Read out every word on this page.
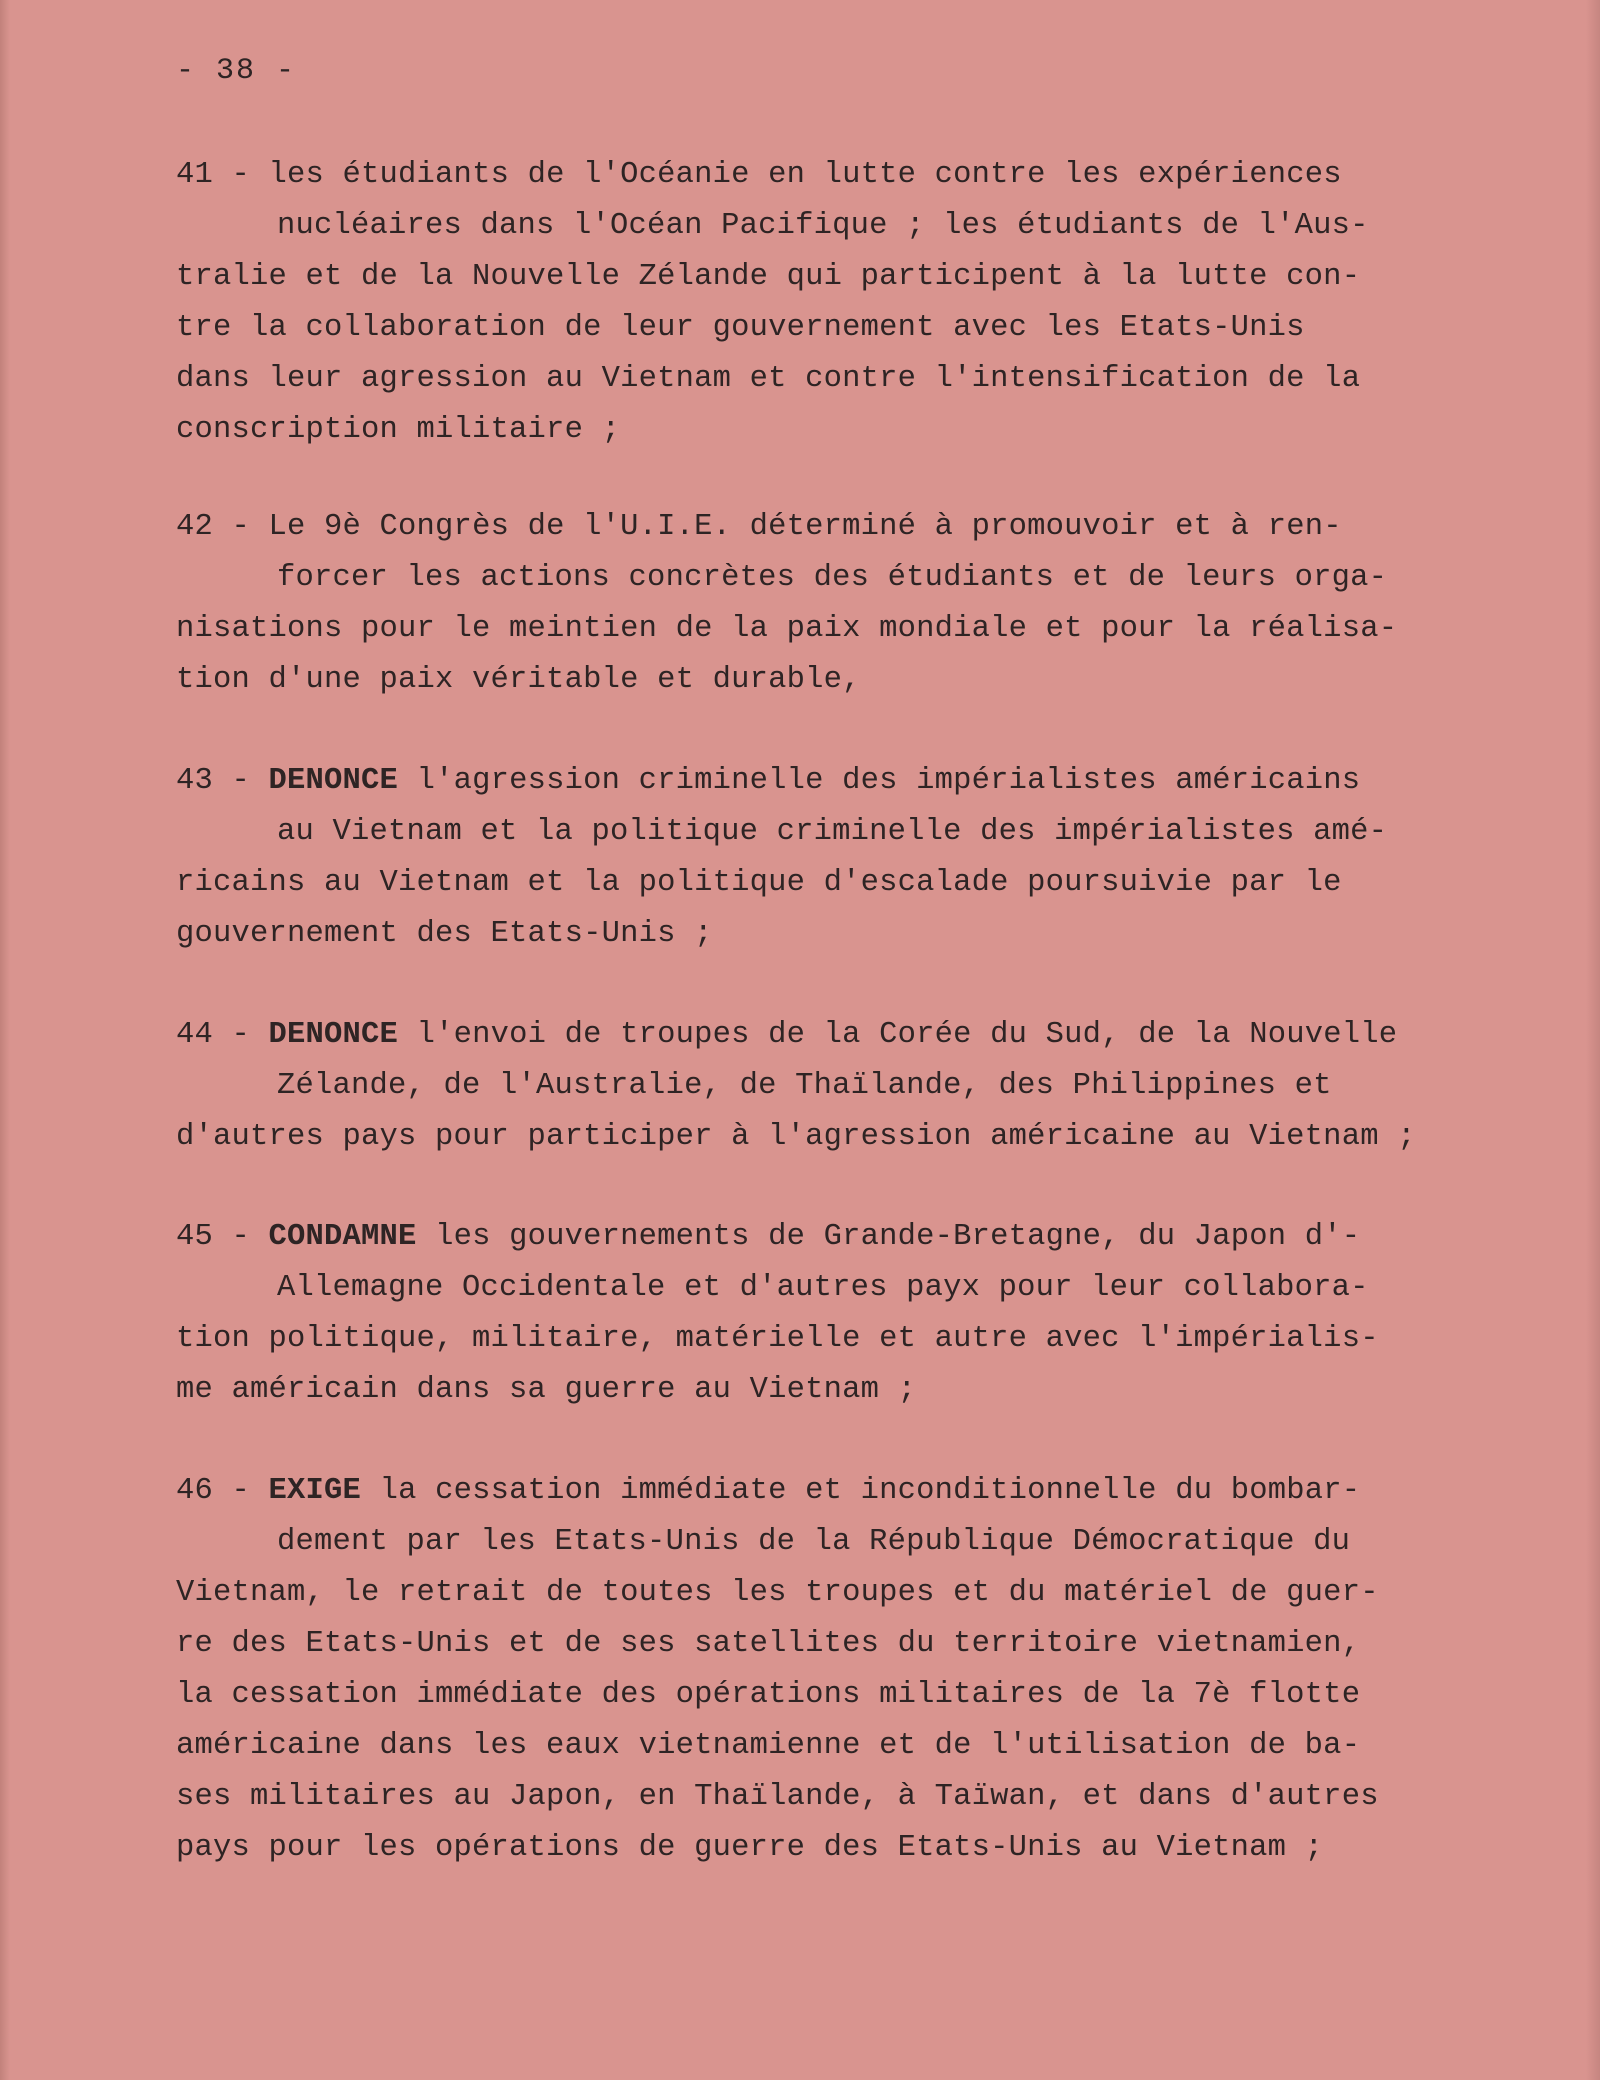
- 38 -
41 - les étudiants de l'Océanie en lutte contre les expériences
nucléaires dans l'Océan Pacifique ; les étudiants de l'Aus-
tralie et de la Nouvelle Zélande qui participent à la lutte con-
tre la collaboration de leur gouvernement avec les Etats-Unis
dans leur agression au Vietnam et contre l'intensification de la
conscription militaire ;
42 - Le 9è Congrès de l'U.I.E. déterminé à promouvoir et à ren-
forcer les actions concrètes des étudiants et de leurs orga-
nisations pour le meintien de la paix mondiale et pour la réalisa-
tion d'une paix véritable et durable,
43 - DENONCE l'agression criminelle des impérialistes américains
au Vietnam et la politique criminelle des impérialistes amé-
ricains au Vietnam et la politique d'escalade poursuivie par le
gouvernement des Etats-Unis ;
44 - DENONCE l'envoi de troupes de la Corée du Sud, de la Nouvelle
Zélande, de l'Australie, de Thaïlande, des Philippines et
d'autres pays pour participer à l'agression américaine au Vietnam ;
45 - CONDAMNE les gouvernements de Grande-Bretagne, du Japon d'-
Allemagne Occidentale et d'autres payx pour leur collabora-
tion politique, militaire, matérielle et autre avec l'impérialis-
me américain dans sa guerre au Vietnam ;
46 - EXIGE la cessation immédiate et inconditionnelle du bombar-
dement par les Etats-Unis de la République Démocratique du
Vietnam, le retrait de toutes les troupes et du matériel de guer-
re des Etats-Unis et de ses satellites du territoire vietnamien,
la cessation immédiate des opérations militaires de la 7è flotte
américaine dans les eaux vietnamienne et de l'utilisation de ba-
ses militaires au Japon, en Thaïlande, à Taïwan, et dans d'autres
pays pour les opérations de guerre des Etats-Unis au Vietnam ;
